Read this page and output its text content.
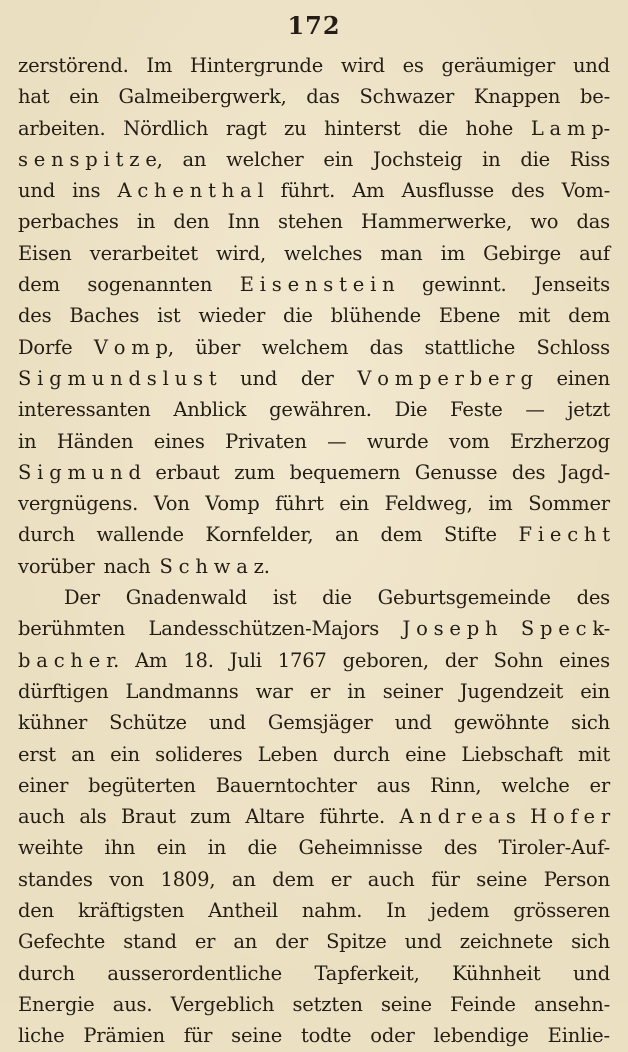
172
zerstörend. Im Hintergrunde wird es geräumiger und
hat ein Galmeibergwerk, das Schwazer Knappen be-
arbeiten. Nördlich ragt zu hinterst die hohe L a m p-
s e n s p i t z e, an welcher ein Jochsteig in die Riss
und ins A c h e n t h a l führt. Am Ausflusse des Vom-
perbaches in den Inn stehen Hammerwerke, wo das
Eisen verarbeitet wird, welches man im Gebirge auf
dem sogenannten E i s e n s t e i n gewinnt. Jenseits
des Baches ist wieder die blühende Ebene mit dem
Dorfe V o m p, über welchem das stattliche Schloss
S i g m u n d s l u s t und der V o m p e r b e r g einen
interessanten Anblick gewähren. Die Feste — jetzt
in Händen eines Privaten — wurde vom Erzherzog
S i g m u n d erbaut zum bequemern Genusse des Jagd-
vergnügens. Von Vomp führt ein Feldweg, im Sommer
durch wallende Kornfelder, an dem Stifte F i e c h t
vorüber nach S c h w a z.
Der Gnadenwald ist die Geburtsgemeinde des
berühmten Landesschützen-Majors J o s e p h S p e c k-
b a c h e r. Am 18. Juli 1767 geboren, der Sohn eines
dürftigen Landmanns war er in seiner Jugendzeit ein
kühner Schütze und Gemsjäger und gewöhnte sich
erst an ein solideres Leben durch eine Liebschaft mit
einer begüterten Bauerntochter aus Rinn, welche er
auch als Braut zum Altare führte. A n d r e a s H o f e r
weihte ihn ein in die Geheimnisse des Tiroler-Auf-
standes von 1809, an dem er auch für seine Person
den kräftigsten Antheil nahm. In jedem grösseren
Gefechte stand er an der Spitze und zeichnete sich
durch ausserordentliche Tapferkeit, Kühnheit und
Energie aus. Vergeblich setzten seine Feinde ansehn-
liche Prämien für seine todte oder lebendige Einlie-
